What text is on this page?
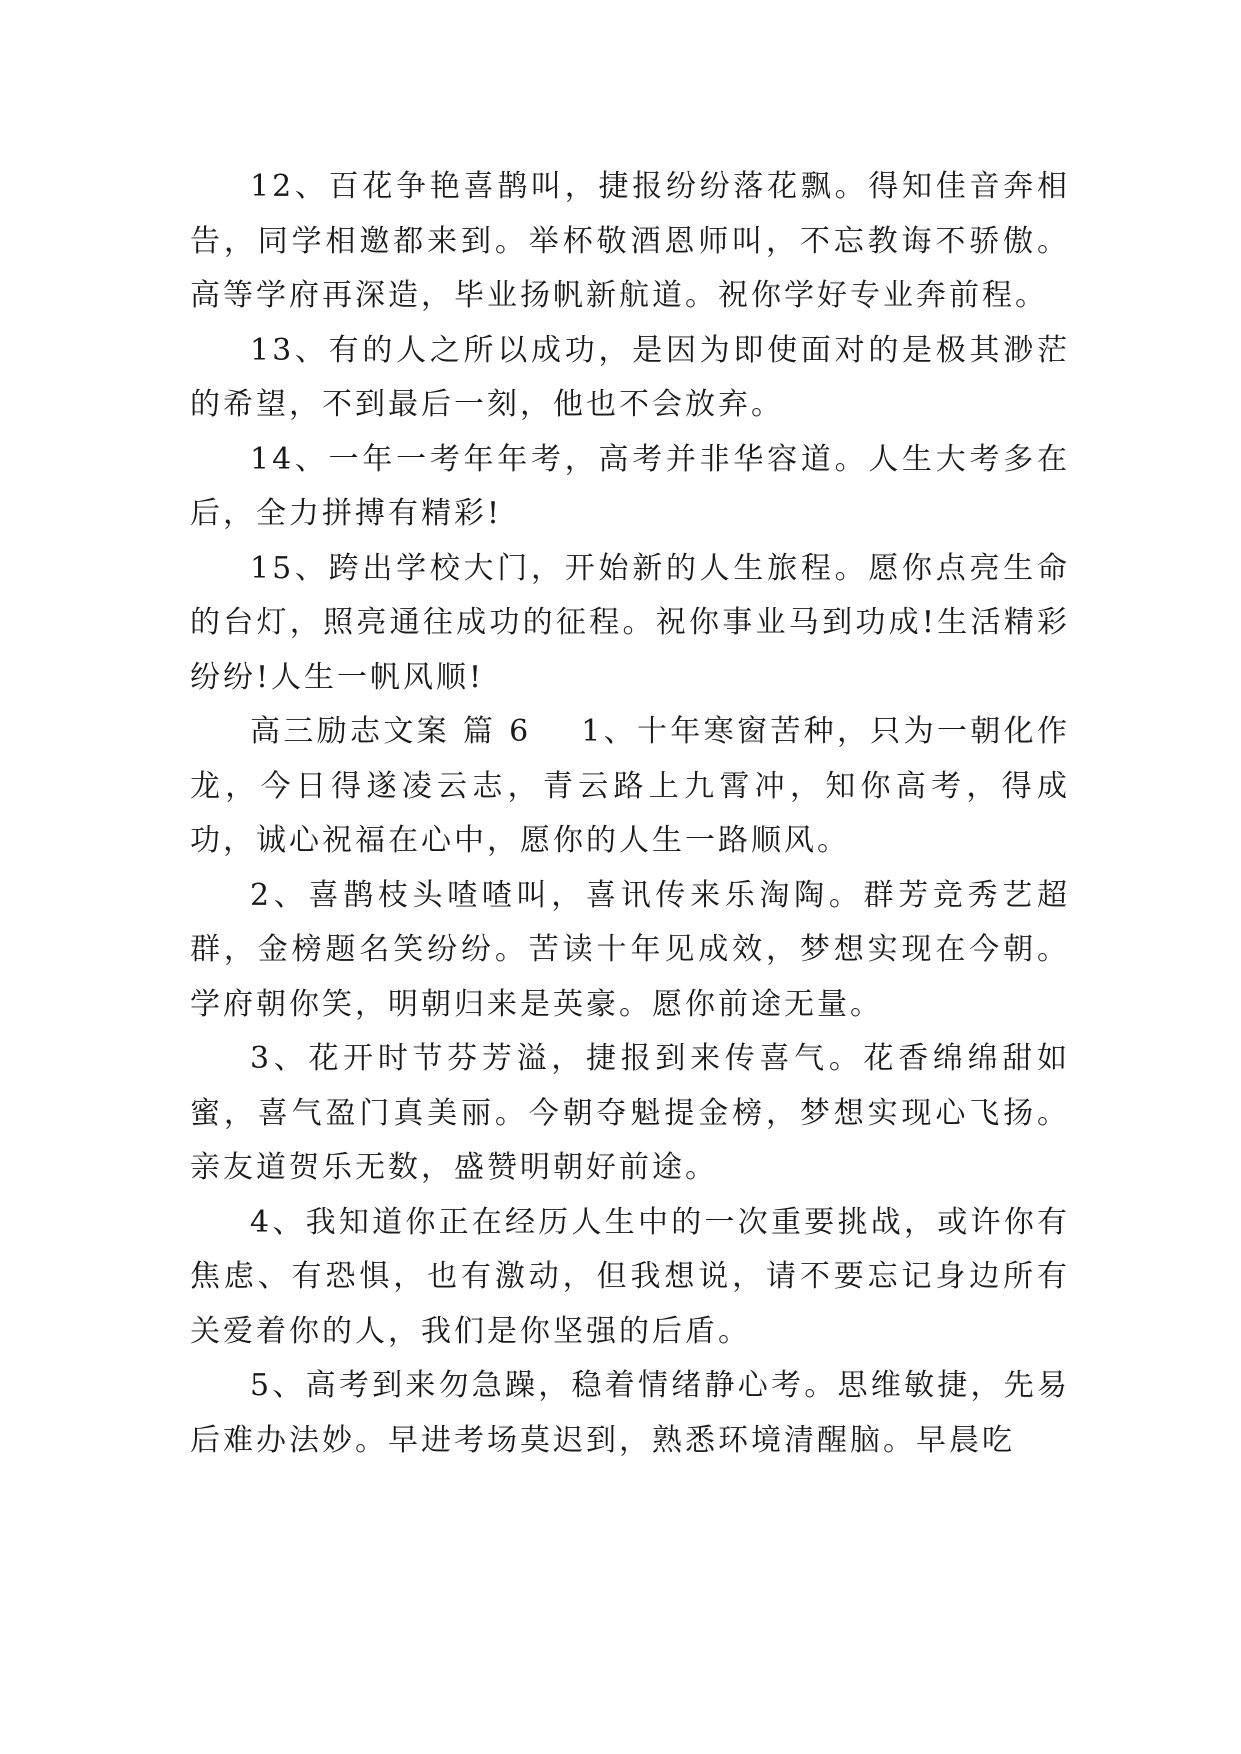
12、百花争艳喜鹊叫，捷报纷纷落花飘。得知佳音奔相告，同学相邀都来到。举杯敬酒恩师叫，不忘教诲不骄傲。高等学府再深造，毕业扬帆新航道。祝你学好专业奔前程。

13、有的人之所以成功，是因为即使面对的是极其渺茫的希望，不到最后一刻，他也不会放弃。

14、一年一考年年考，高考并非华容道。人生大考多在后，全力拼搏有精彩!

15、跨出学校大门，开始新的人生旅程。愿你点亮生命的台灯，照亮通往成功的征程。祝你事业马到功成!生活精彩纷纷!人生一帆风顺!

高三励志文案 篇 6 1、十年寒窗苦种，只为一朝化作龙，今日得遂凌云志，青云路上九霄冲，知你高考，得成功，诚心祝福在心中，愿你的人生一路顺风。

2、喜鹊枝头喳喳叫，喜讯传来乐淘陶。群芳竞秀艺超群，金榜题名笑纷纷。苦读十年见成效，梦想实现在今朝。学府朝你笑，明朝归来是英豪。愿你前途无量。

3、花开时节芬芳溢，捷报到来传喜气。花香绵绵甜如蜜，喜气盈门真美丽。今朝夺魁提金榜，梦想实现心飞扬。亲友道贺乐无数，盛赞明朝好前途。

4、我知道你正在经历人生中的一次重要挑战，或许你有焦虑、有恐惧，也有激动，但我想说，请不要忘记身边所有关爱着你的人，我们是你坚强的后盾。

5、高考到来勿急躁，稳着情绪静心考。思维敏捷，先易后难办法妙。早进考场莫迟到，熟悉环境清醒脑。早晨吃
